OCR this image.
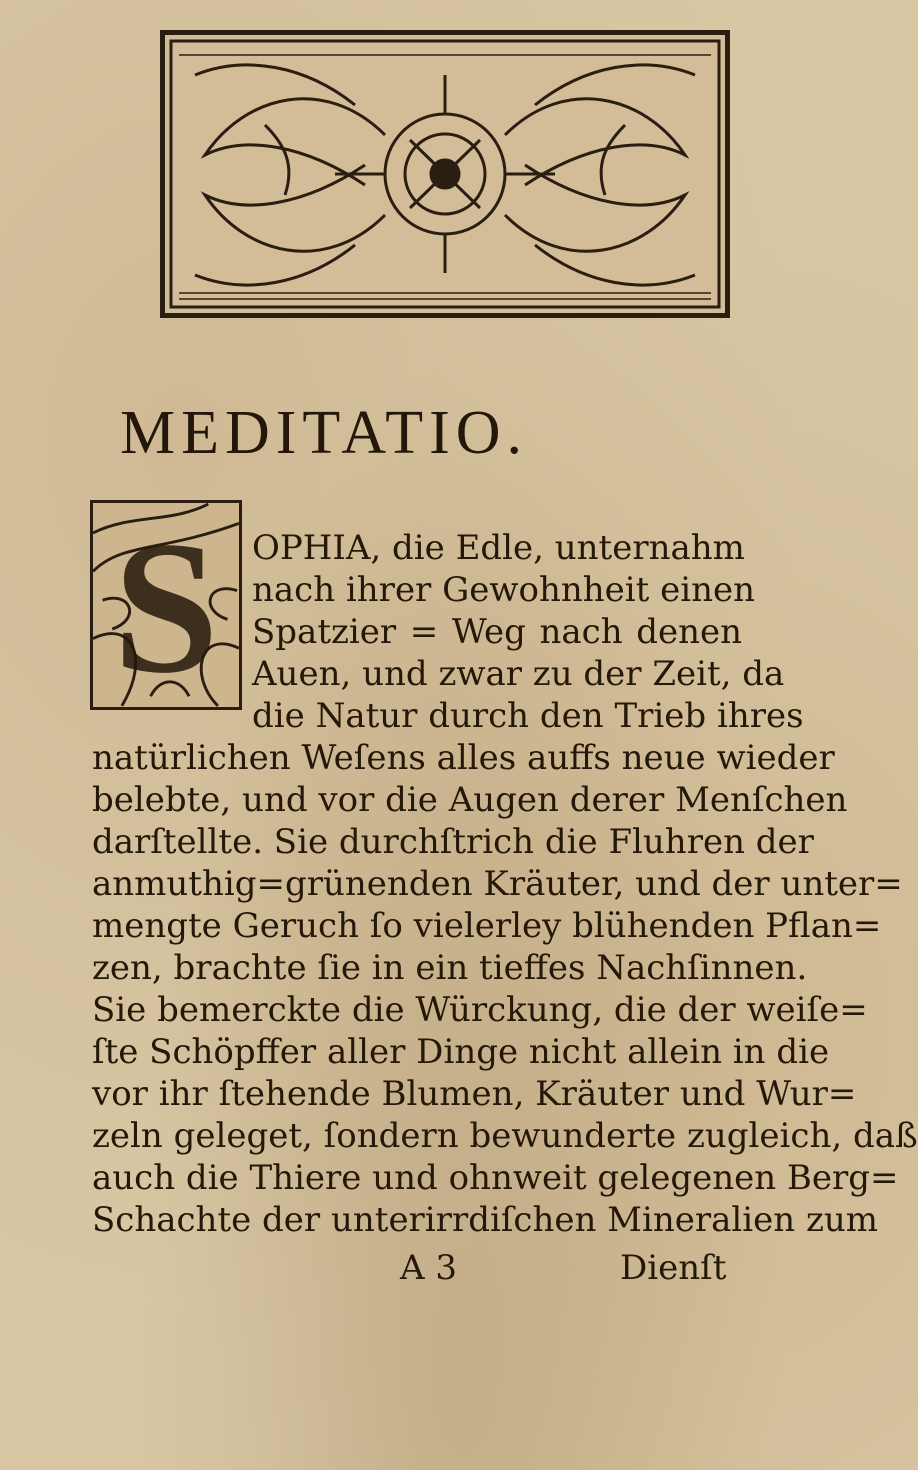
MEDITATIO.
S OPHIA, die Edle, unternahm
nach ihrer Gewohnheit einen
Spatzier = Weg nach denen
Auen, und zwar zu der Zeit, da
die Natur durch den Trieb ihres
natürlichen Weſens alles auffs neue wieder
belebte, und vor die Augen derer Menſchen
darſtellte. Sie durchſtrich die Fluhren der
anmuthig=grünenden Kräuter, und der unter=
mengte Geruch ſo vielerley blühenden Pflan=
zen, brachte ſie in ein tieffes Nachſinnen.
Sie bemerckte die Würckung, die der weiſe=
ſte Schöpffer aller Dinge nicht allein in die
vor ihr ſtehende Blumen, Kräuter und Wur=
zeln geleget, ſondern bewunderte zugleich, daß
auch die Thiere und ohnweit gelegenen Berg=
Schachte der unterirrdiſchen Mineralien zum
A 3	Dienſt
